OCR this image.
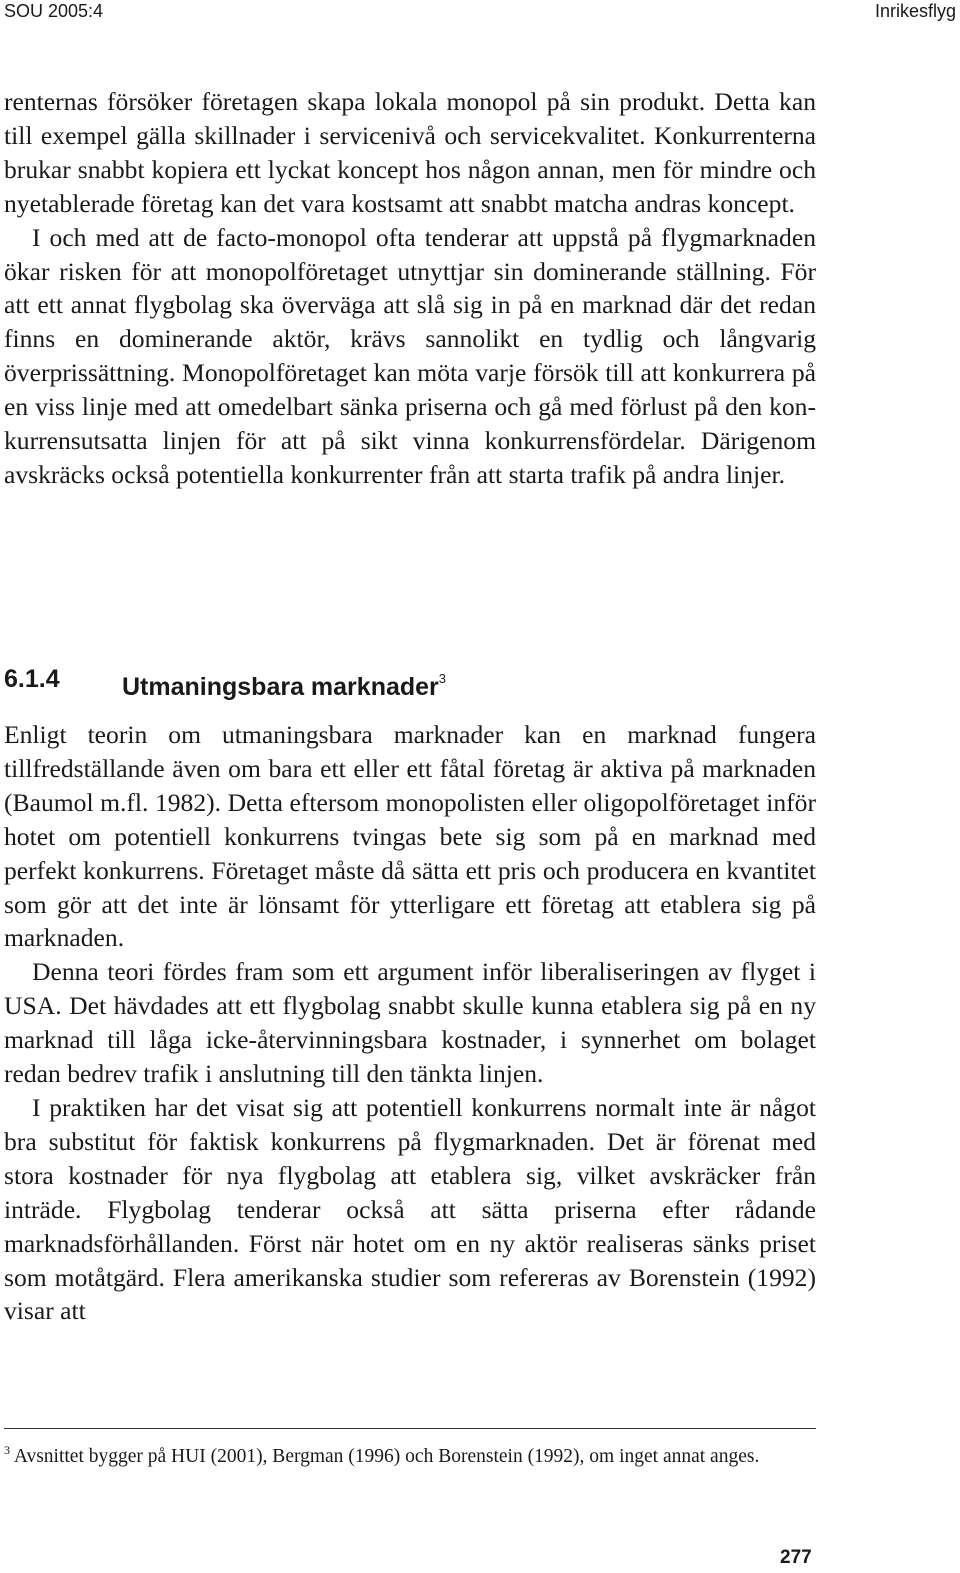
SOU 2005:4	Inrikesflyg

renternas försöker företagen skapa lokala monopol på sin produkt. Detta kan till exempel gälla skillnader i servicenivå och servicekvalitet. Konkurrenterna brukar snabbt kopiera ett lyckat koncept hos någon annan, men för mindre och nyetablerade företag kan det vara kostsamt att snabbt matcha andras koncept.

I och med att de facto-monopol ofta tenderar att uppstå på flygmarknaden ökar risken för att monopolföretaget utnyttjar sin dominerande ställning. För att ett annat flygbolag ska överväga att slå sig in på en marknad där det redan finns en dominerande aktör, krävs sannolikt en tydlig och långvarig överprissättning. Monopolföretaget kan möta varje försök till att konkurrera på en viss linje med att omedelbart sänka priserna och gå med förlust på den konkurrensutsatta linjen för att på sikt vinna konkurrensfördelar. Därigenom avskräcks också potentiella konkurrenter från att starta trafik på andra linjer.

6.1.4 Utmaningsbara marknader$^3$

Enligt teorin om utmaningsbara marknader kan en marknad fungera tillfredställande även om bara ett eller ett fåtal företag är aktiva på marknaden (Baumol m.fl. 1982). Detta eftersom monopolisten eller oligopolföretaget inför hotet om potentiell konkurrens tvingas bete sig som på en marknad med perfekt konkurrens. Företaget måste då sätta ett pris och producera en kvantitet som gör att det inte är lönsamt för ytterligare ett företag att etablera sig på marknaden.

Denna teori fördes fram som ett argument inför liberaliseringen av flyget i USA. Det hävdades att ett flygbolag snabbt skulle kunna etablera sig på en ny marknad till låga icke-återvinningsbara kostnader, i synnerhet om bolaget redan bedrev trafik i anslutning till den tänkta linjen.

I praktiken har det visat sig att potentiell konkurrens normalt inte är något bra substitut för faktisk konkurrens på flygmarknaden. Det är förenat med stora kostnader för nya flygbolag att etablera sig, vilket avskräcker från inträde. Flygbolag tenderar också att sätta priserna efter rådande marknadsförhållanden. Först när hotet om en ny aktör realiseras sänks priset som motåtgärd. Flera amerikanska studier som refereras av Borenstein (1992) visar att

$^3$ Avsnittet bygger på HUI (2001), Bergman (1996) och Borenstein (1992), om inget annat anges.
277
